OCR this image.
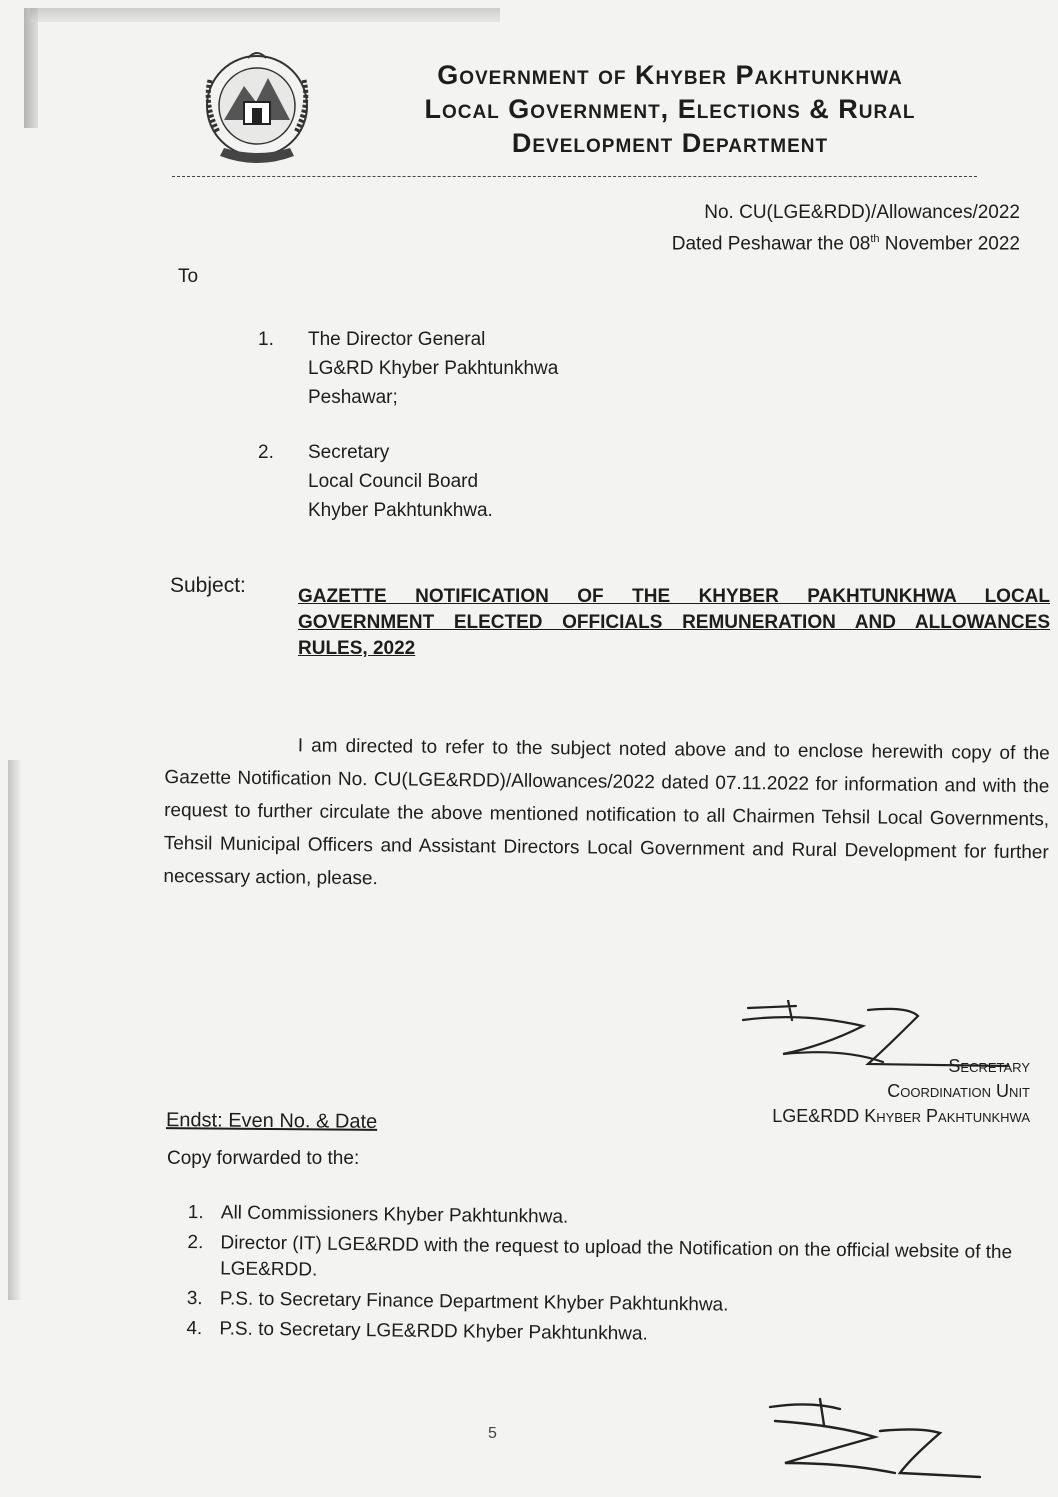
Government of Khyber Pakhtunkhwa
Local Government, Elections & Rural
Development Department
No. CU(LGE&RDD)/Allowances/2022
Dated Peshawar the 08th November 2022
To
1.	The Director General
LG&RD Khyber Pakhtunkhwa
Peshawar;
2.	Secretary
Local Council Board
Khyber Pakhtunkhwa.
Subject:	GAZETTE NOTIFICATION OF THE KHYBER PAKHTUNKHWA LOCAL GOVERNMENT ELECTED OFFICIALS REMUNERATION AND ALLOWANCES RULES, 2022
I am directed to refer to the subject noted above and to enclose herewith copy of the Gazette Notification No. CU(LGE&RDD)/Allowances/2022 dated 07.11.2022 for information and with the request to further circulate the above mentioned notification to all Chairmen Tehsil Local Governments, Tehsil Municipal Officers and Assistant Directors Local Government and Rural Development for further necessary action, please.
Secretary
Coordination Unit
LGE&RDD Khyber Pakhtunkhwa
Endst: Even No. & Date
Copy forwarded to the:
1. All Commissioners Khyber Pakhtunkhwa.
2. Director (IT) LGE&RDD with the request to upload the Notification on the official website of the LGE&RDD.
3. P.S. to Secretary Finance Department Khyber Pakhtunkhwa.
4. P.S. to Secretary LGE&RDD Khyber Pakhtunkhwa.
5
